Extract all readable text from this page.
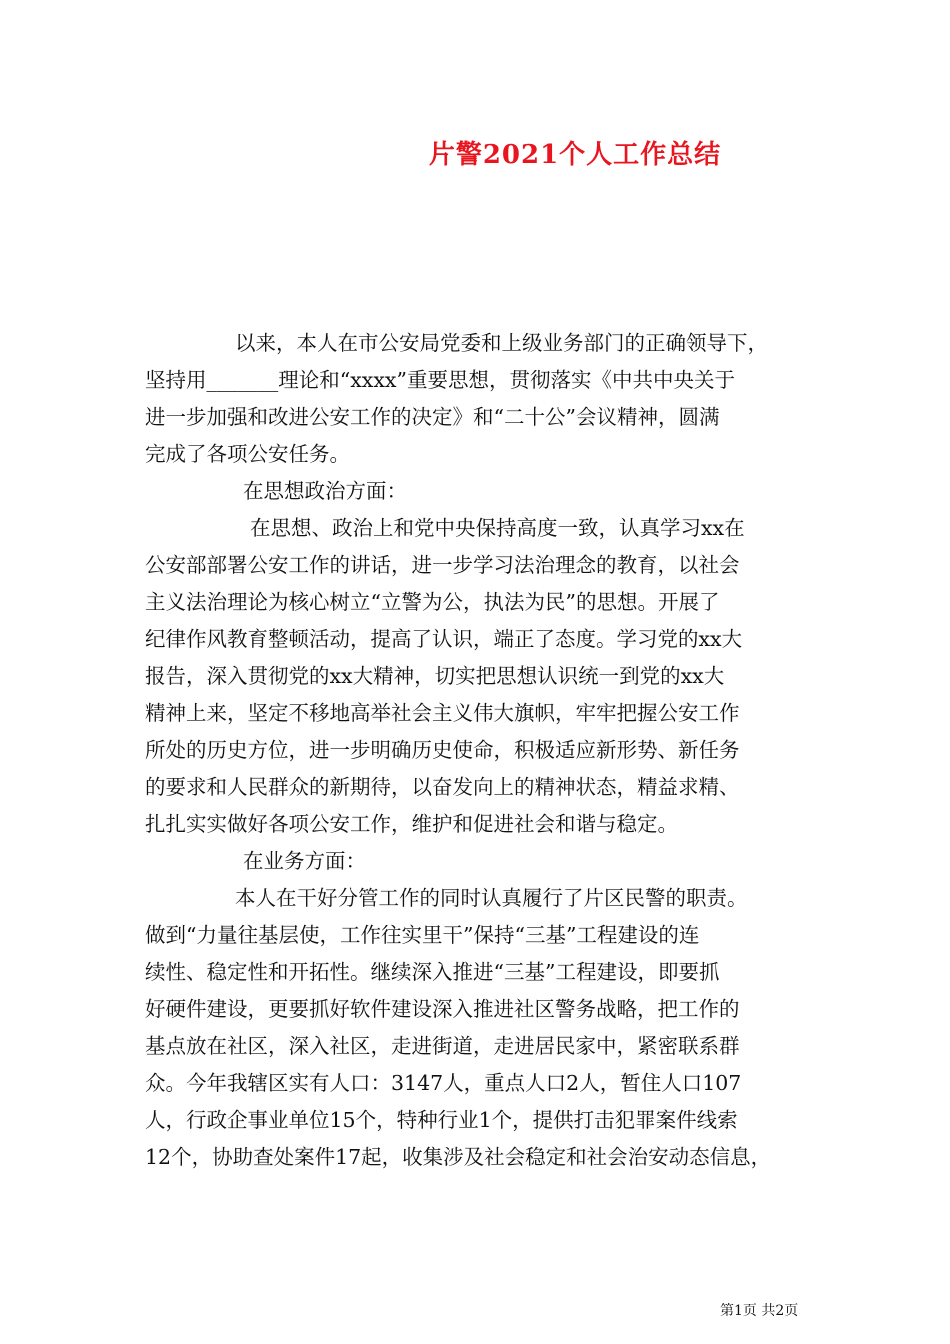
片警2021个人工作总结
以来，本人在市公安局党委和上级业务部门的正确领导下，
坚持用_______理论和“xxxx”重要思想，贯彻落实《中共中央关于
进一步加强和改进公安工作的决定》和“二十公”会议精神，圆满
完成了各项公安任务。
在思想政治方面：
在思想、政治上和党中央保持高度一致，认真学习xx在
公安部部署公安工作的讲话，进一步学习法治理念的教育，以社会
主义法治理论为核心树立“立警为公，执法为民”的思想。开展了
纪律作风教育整顿活动，提高了认识，端正了态度。学习党的xx大
报告，深入贯彻党的xx大精神，切实把思想认识统一到党的xx大
精神上来，坚定不移地高举社会主义伟大旗帜，牢牢把握公安工作
所处的历史方位，进一步明确历史使命，积极适应新形势、新任务
的要求和人民群众的新期待，以奋发向上的精神状态，精益求精、
扎扎实实做好各项公安工作，维护和促进社会和谐与稳定。
在业务方面：
本人在干好分管工作的同时认真履行了片区民警的职责。
做到“力量往基层使，工作往实里干”保持“三基”工程建设的连
续性、稳定性和开拓性。继续深入推进“三基”工程建设，即要抓
好硬件建设，更要抓好软件建设深入推进社区警务战略，把工作的
基点放在社区，深入社区，走进街道，走进居民家中，紧密联系群
众。今年我辖区实有人口：3147人，重点人口2人，暂住人口107
人，行政企事业单位15个，特种行业1个，提供打击犯罪案件线索
12个，协助查处案件17起，收集涉及社会稳定和社会治安动态信息，
第1页 共2页
